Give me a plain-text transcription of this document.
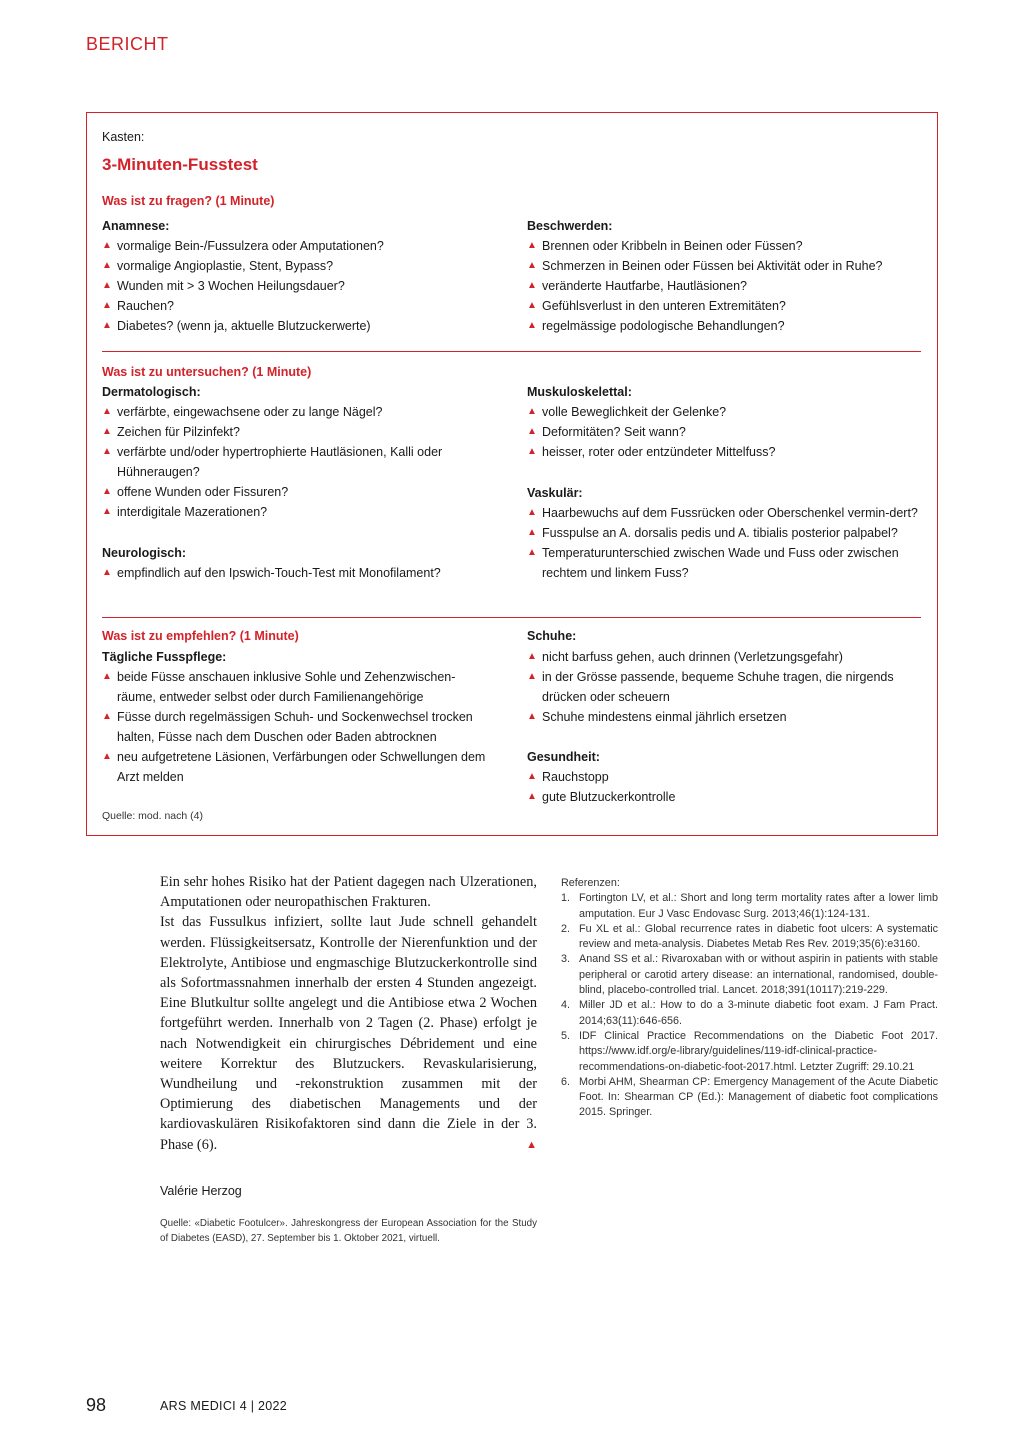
BERICHT
Kasten:
3-Minuten-Fusstest
Was ist zu fragen? (1 Minute)
Anamnese:
▲ vormalige Bein-/Fussulzera oder Amputationen?
▲ vormalige Angioplastie, Stent, Bypass?
▲ Wunden mit > 3 Wochen Heilungsdauer?
▲ Rauchen?
▲ Diabetes? (wenn ja, aktuelle Blutzuckerwerte)
Beschwerden:
▲ Brennen oder Kribbeln in Beinen oder Füssen?
▲ Schmerzen in Beinen oder Füssen bei Aktivität oder in Ruhe?
▲ veränderte Hautfarbe, Hautläsionen?
▲ Gefühlsverlust in den unteren Extremitäten?
▲ regelmässige podologische Behandlungen?
Was ist zu untersuchen? (1 Minute)
Dermatologisch:
▲ verfärbte, eingewachsene oder zu lange Nägel?
▲ Zeichen für Pilzinfekt?
▲ verfärbte und/oder hypertrophierte Hautläsionen, Kalli oder Hühneraugen?
▲ offene Wunden oder Fissuren?
▲ interdigitale Mazerationen?
Neurologisch:
▲ empfindlich auf den Ipswich-Touch-Test mit Monofilament?
Muskuloskelettal:
▲ volle Beweglichkeit der Gelenke?
▲ Deformitäten? Seit wann?
▲ heisser, roter oder entzündeter Mittelfuss?
Vaskulär:
▲ Haarbewuchs auf dem Fussrücken oder Oberschenkel vermin-dert?
▲ Fusspulse an A. dorsalis pedis und A. tibialis posterior palpabel?
▲ Temperaturunterschied zwischen Wade und Fuss oder zwischen rechtem und linkem Fuss?
Was ist zu empfehlen? (1 Minute)
Tägliche Fusspflege:
▲ beide Füsse anschauen inklusive Sohle und Zehenzwischen-räume, entweder selbst oder durch Familienangehörige
▲ Füsse durch regelmässigen Schuh- und Sockenwechsel trocken halten, Füsse nach dem Duschen oder Baden abtrocknen
▲ neu aufgetretene Läsionen, Verfärbungen oder Schwellungen dem Arzt melden
Schuhe:
▲ nicht barfuss gehen, auch drinnen (Verletzungsgefahr)
▲ in der Grösse passende, bequeme Schuhe tragen, die nirgends drücken oder scheuern
▲ Schuhe mindestens einmal jährlich ersetzen
Gesundheit:
▲ Rauchstopp
▲ gute Blutzuckerkontrolle
Quelle: mod. nach (4)

Ein sehr hohes Risiko hat der Patient dagegen nach Ulzerationen, Amputationen oder neuropathischen Frakturen.

Ist das Fussulkus infiziert, sollte laut Jude schnell gehandelt werden. Flüssigkeitsersatz, Kontrolle der Nierenfunktion und der Elektrolyte, Antibiose und engmaschige Blutzuckerkontrolle sind als Sofortmassnahmen innerhalb der ersten 4 Stunden angezeigt. Eine Blutkultur sollte angelegt und die Antibiose etwa 2 Wochen fortgeführt werden. Innerhalb von 2 Tagen (2. Phase) erfolgt je nach Notwendigkeit ein chirurgisches Débridement und eine weitere Korrektur des Blutzuckers. Revaskularisierung, Wundheilung und -rekonstruktion zusammen mit der Optimierung des diabetischen Managements und der kardiovaskulären Risikofaktoren sind dann die Ziele in der 3. Phase (6).	▲

Valérie Herzog
Quelle: «Diabetic Footulcer». Jahreskongress der European Association for the Study of Diabetes (EASD), 27. September bis 1. Oktober 2021, virtuell.
Referenzen:
1. Fortington LV, et al.: Short and long term mortality rates after a lower limb amputation. Eur J Vasc Endovasc Surg. 2013;46(1):124-131.
2. Fu XL et al.: Global recurrence rates in diabetic foot ulcers: A systematic review and meta-analysis. Diabetes Metab Res Rev. 2019;35(6):e3160.
3. Anand SS et al.: Rivaroxaban with or without aspirin in patients with stable peripheral or carotid artery disease: an international, randomised, double-blind, placebo-controlled trial. Lancet. 2018;391(10117):219-229.
4. Miller JD et al.: How to do a 3-minute diabetic foot exam. J Fam Pract. 2014;63(11):646-656.
5. IDF Clinical Practice Recommendations on the Diabetic Foot 2017. https://www.idf.org/e-library/guidelines/119-idf-clinical-practice-recommendations-on-diabetic-foot-2017.html. Letzter Zugriff: 29.10.21
6. Morbi AHM, Shearman CP: Emergency Management of the Acute Diabetic Foot. In: Shearman CP (Ed.): Management of diabetic foot complications 2015. Springer.
98	ARS MEDICI 4 | 2022
